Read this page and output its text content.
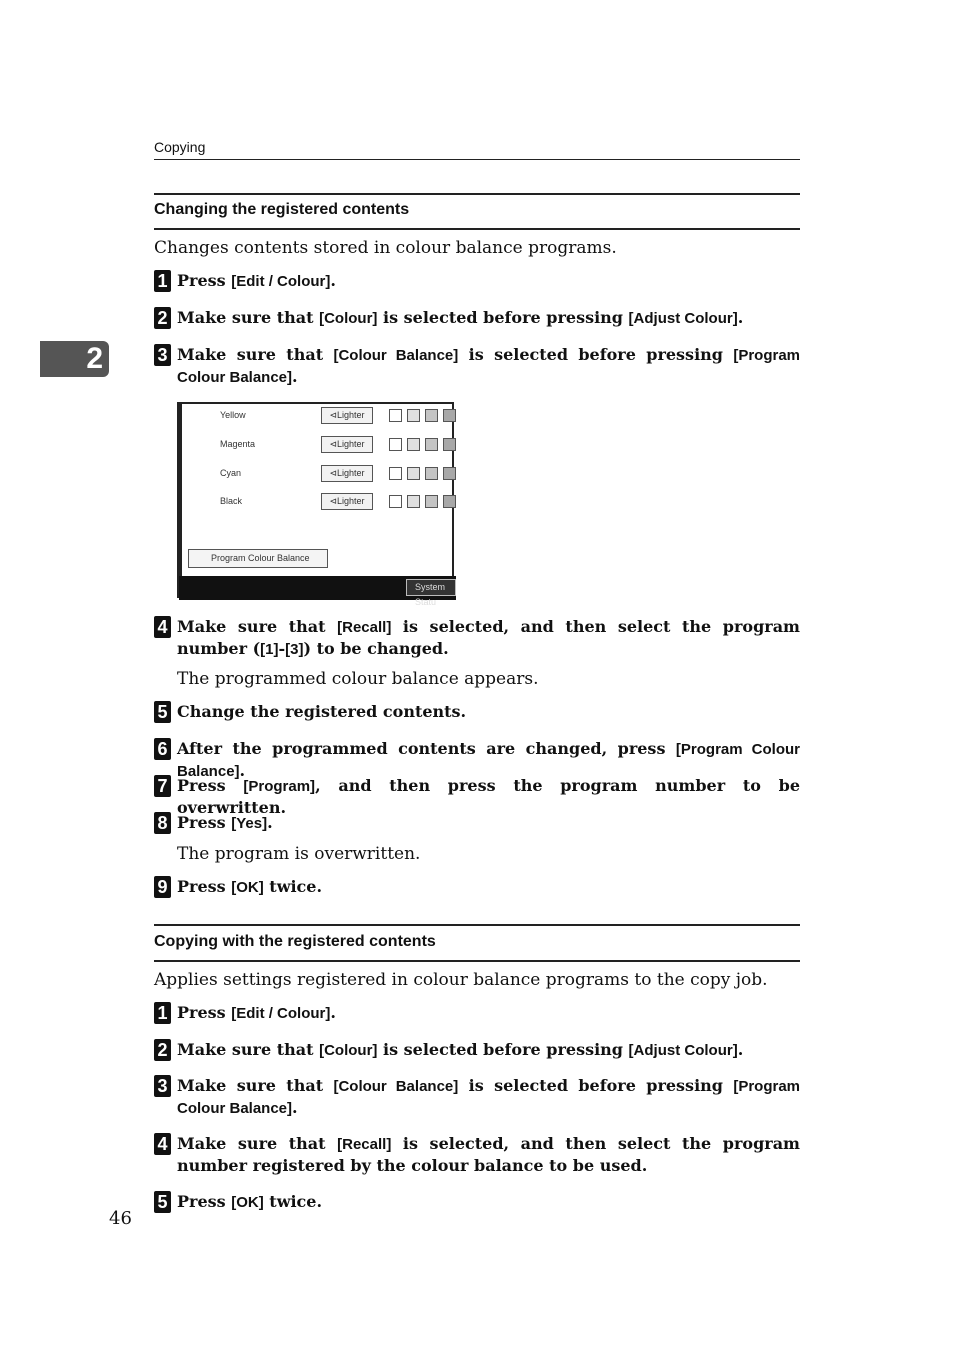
Copying
2
Changing the registered contents
Changes contents stored in colour balance programs.
1 Press [Edit / Colour].
2 Make sure that [Colour] is selected before pressing [Adjust Colour].
3 Make sure that [Colour Balance] is selected before pressing [Program Colour Balance].
Yellow	⊲Lighter
Magenta	⊲Lighter
Cyan	⊲Lighter
Black	⊲Lighter
Program Colour Balance
System Statu
4 Make sure that [Recall] is selected, and then select the program number ([1]-[3]) to be changed.
The programmed colour balance appears.
5 Change the registered contents.
6 After the programmed contents are changed, press [Program Colour Balance].
7 Press [Program], and then press the program number to be overwritten.
8 Press [Yes].
The program is overwritten.
9 Press [OK] twice.
Copying with the registered contents
Applies settings registered in colour balance programs to the copy job.
1 Press [Edit / Colour].
2 Make sure that [Colour] is selected before pressing [Adjust Colour].
3 Make sure that [Colour Balance] is selected before pressing [Program Colour Balance].
4 Make sure that [Recall] is selected, and then select the program number registered by the colour balance to be used.
5 Press [OK] twice.
46
